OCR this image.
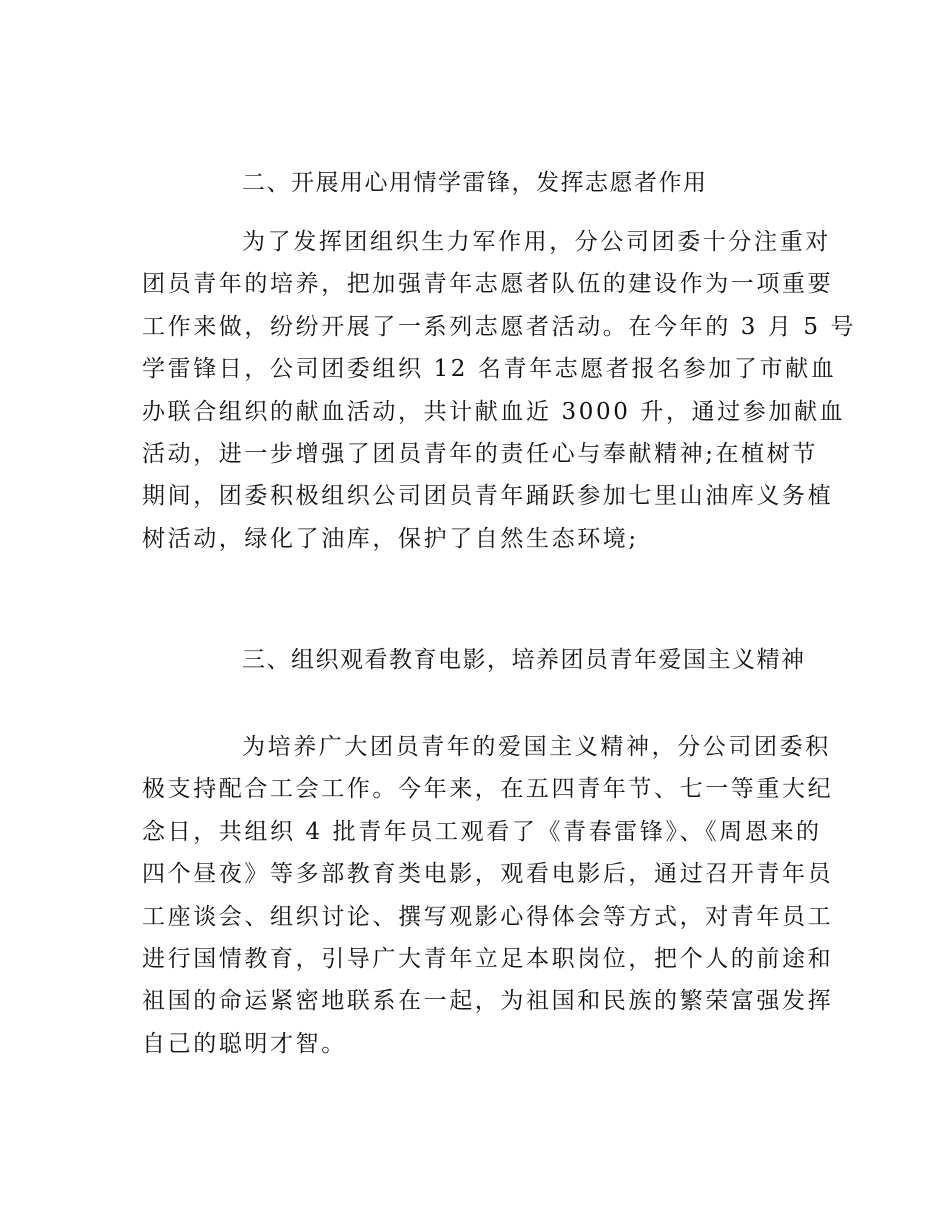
二、开展用心用情学雷锋，发挥志愿者作用
为了发挥团组织生力军作用，分公司团委十分注重对
团员青年的培养，把加强青年志愿者队伍的建设作为一项重要
工作来做，纷纷开展了一系列志愿者活动。在今年的 3 月 5 号
学雷锋日，公司团委组织 12 名青年志愿者报名参加了市献血
办联合组织的献血活动，共计献血近 3000 升，通过参加献血
活动，进一步增强了团员青年的责任心与奉献精神;在植树节
期间，团委积极组织公司团员青年踊跃参加七里山油库义务植
树活动，绿化了油库，保护了自然生态环境;
三、组织观看教育电影，培养团员青年爱国主义精神
为培养广大团员青年的爱国主义精神，分公司团委积
极支持配合工会工作。今年来，在五四青年节、七一等重大纪
念日，共组织 4 批青年员工观看了《青春雷锋》、《周恩来的
四个昼夜》等多部教育类电影，观看电影后，通过召开青年员
工座谈会、组织讨论、撰写观影心得体会等方式，对青年员工
进行国情教育，引导广大青年立足本职岗位，把个人的前途和
祖国的命运紧密地联系在一起，为祖国和民族的繁荣富强发挥
自己的聪明才智。
